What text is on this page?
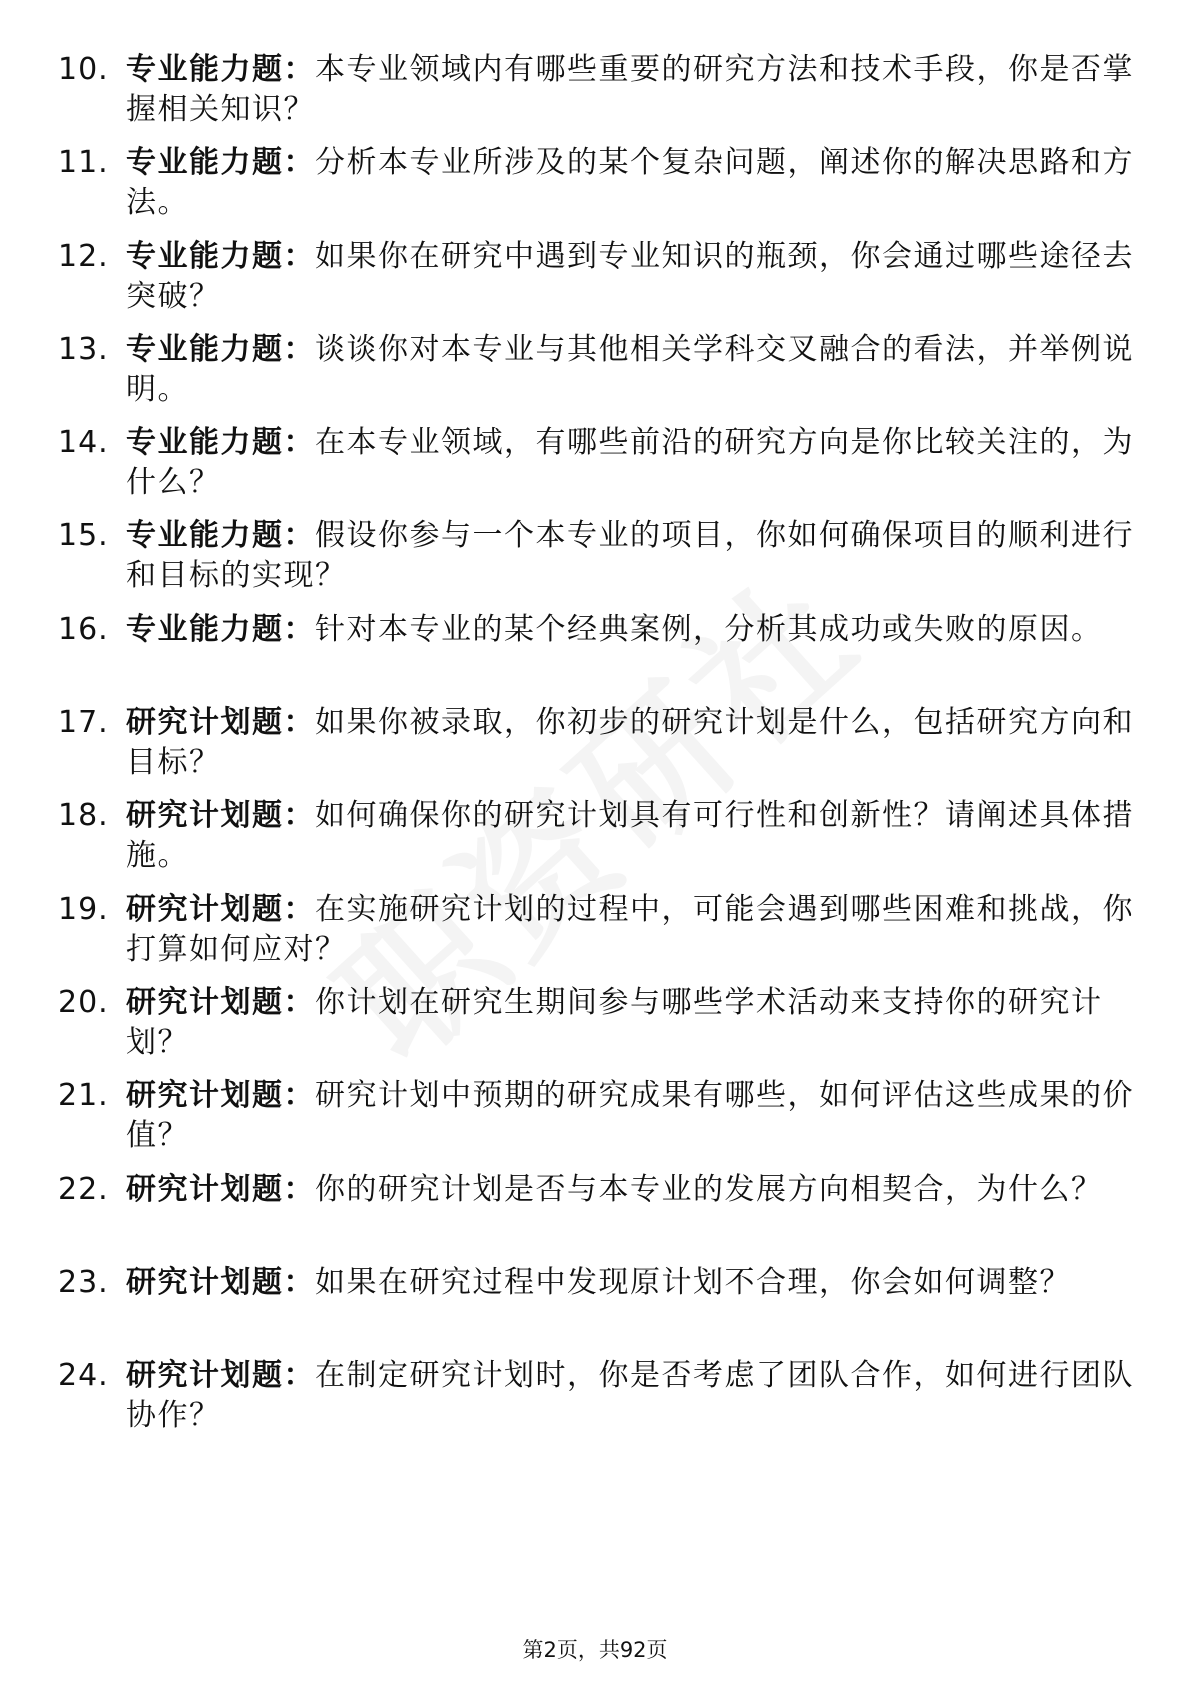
10. 专业能力题：本专业领域内有哪些重要的研究方法和技术手段，你是否掌握相关知识？
11. 专业能力题：分析本专业所涉及的某个复杂问题，阐述你的解决思路和方法。
12. 专业能力题：如果你在研究中遇到专业知识的瓶颈，你会通过哪些途径去突破？
13. 专业能力题：谈谈你对本专业与其他相关学科交叉融合的看法，并举例说明。
14. 专业能力题：在本专业领域，有哪些前沿的研究方向是你比较关注的，为什么？
15. 专业能力题：假设你参与一个本专业的项目，你如何确保项目的顺利进行和目标的实现？
16. 专业能力题：针对本专业的某个经典案例，分析其成功或失败的原因。
17. 研究计划题：如果你被录取，你初步的研究计划是什么，包括研究方向和目标？
18. 研究计划题：如何确保你的研究计划具有可行性和创新性？请阐述具体措施。
19. 研究计划题：在实施研究计划的过程中，可能会遇到哪些困难和挑战，你打算如何应对？
20. 研究计划题：你计划在研究生期间参与哪些学术活动来支持你的研究计划？
21. 研究计划题：研究计划中预期的研究成果有哪些，如何评估这些成果的价值？
22. 研究计划题：你的研究计划是否与本专业的发展方向相契合，为什么？
23. 研究计划题：如果在研究过程中发现原计划不合理，你会如何调整？
24. 研究计划题：在制定研究计划时，你是否考虑了团队合作，如何进行团队协作？
第2页，共92页
